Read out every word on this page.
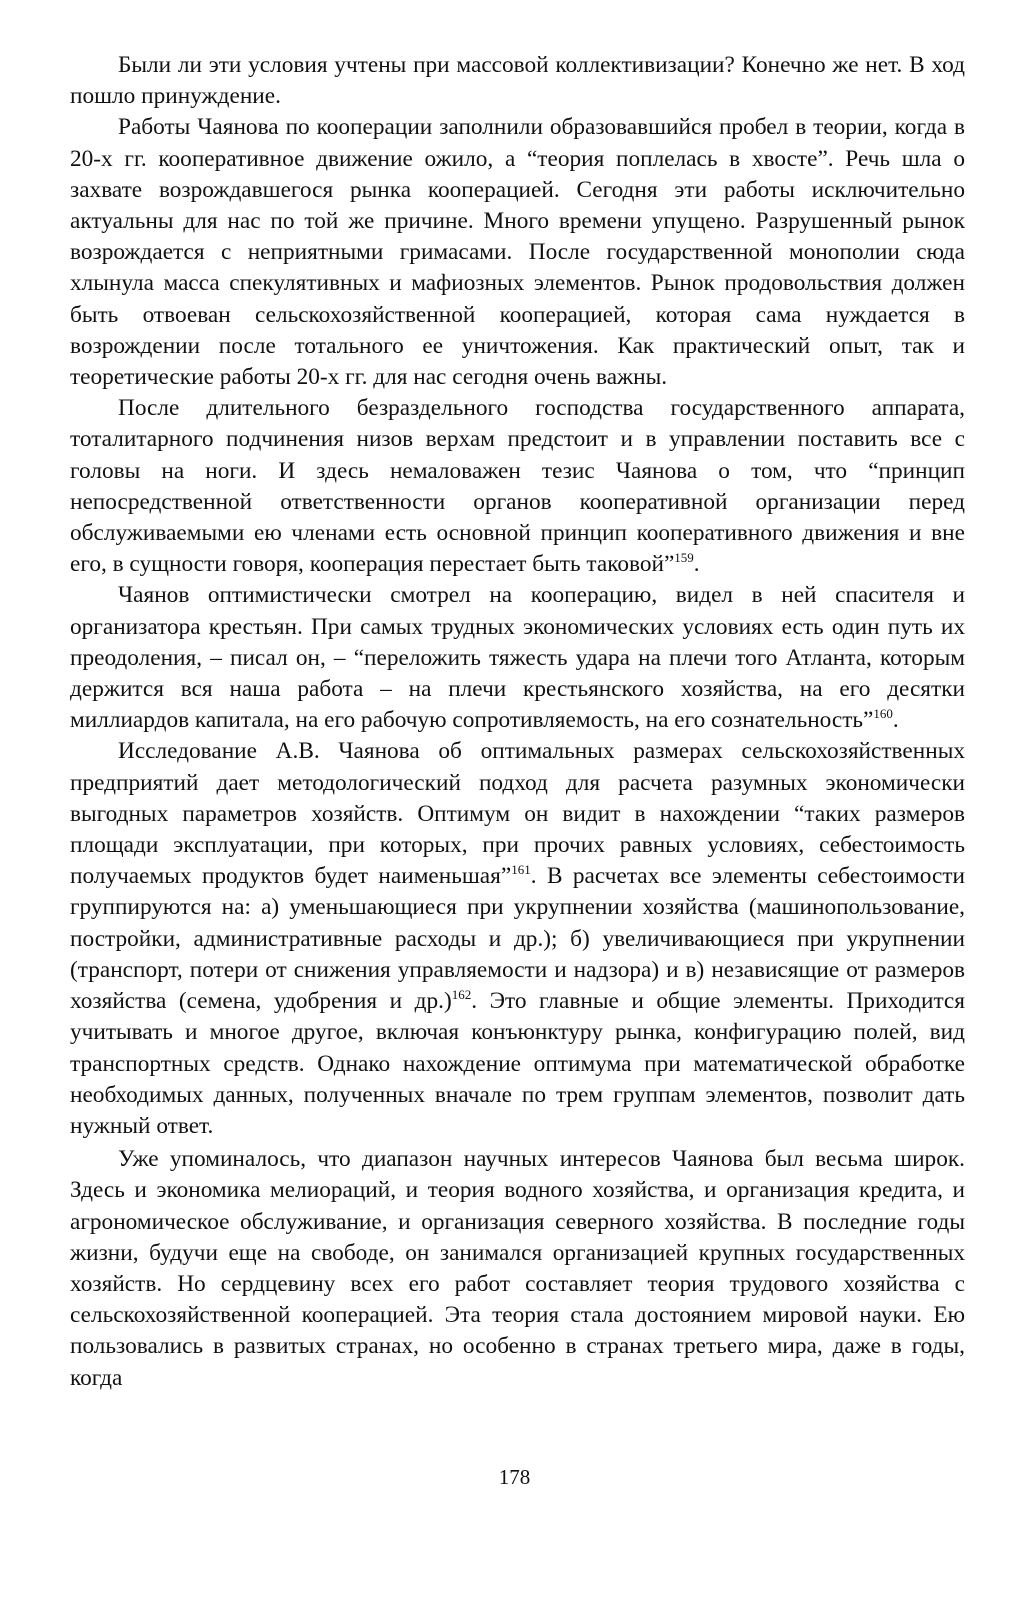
Были ли эти условия учтены при массовой коллективизации? Конечно же нет. В ход пошло принуждение.

Работы Чаянова по кооперации заполнили образовавшийся пробел в теории, когда в 20-х гг. кооперативное движение ожило, а “теория поплелась в хвосте”. Речь шла о захвате возрождавшегося рынка кооперацией. Сегодня эти работы исключительно актуальны для нас по той же причине. Много времени упущено. Разрушенный рынок возрождается с неприятными гримасами. После государственной монополии сюда хлынула масса спекулятивных и мафиозных элементов. Рынок продовольствия должен быть отвоеван сельскохозяйственной кооперацией, которая сама нуждается в возрождении после тотального ее уничтожения. Как практический опыт, так и теоретические работы 20-х гг. для нас сегодня очень важны.

После длительного безраздельного господства государственного аппарата, тоталитарного подчинения низов верхам предстоит и в управлении поставить все с головы на ноги. И здесь немаловажен тезис Чаянова о том, что “принцип непосредственной ответственности органов кооперативной организации перед обслуживаемыми ею членами есть основной принцип кооперативного движения и вне его, в сущности говоря, кооперация перестает быть таковой”$^{159}$.

Чаянов оптимистически смотрел на кооперацию, видел в ней спасителя и организатора крестьян. При самых трудных экономических условиях есть один путь их преодоления, – писал он, – “переложить тяжесть удара на плечи того Атланта, которым держится вся наша работа – на плечи крестьянского хозяйства, на его десятки миллиардов капитала, на его рабочую сопротивляемость, на его сознательность”$^{160}$.

Исследование А.В. Чаянова об оптимальных размерах сельскохозяйственных предприятий дает методологический подход для расчета разумных экономически выгодных параметров хозяйств. Оптимум он видит в нахождении “таких размеров площади эксплуатации, при которых, при прочих равных условиях, себестоимость получаемых продуктов будет наименьшая”$^{161}$. В расчетах все элементы себестоимости группируются на: а) уменьшающиеся при укрупнении хозяйства (машинопользование, постройки, административные расходы и др.); б) увеличивающиеся при укрупнении (транспорт, потери от снижения управляемости и надзора) и в) независящие от размеров хозяйства (семена, удобрения и др.)$^{162}$. Это главные и общие элементы. Приходится учитывать и многое другое, включая конъюнктуру рынка, конфигурацию полей, вид транспортных средств. Однако нахождение оптимума при математической обработке необходимых данных, полученных вначале по трем группам элементов, позволит дать нужный ответ.

Уже упоминалось, что диапазон научных интересов Чаянова был весьма широк. Здесь и экономика мелиораций, и теория водного хозяйства, и организация кредита, и агрономическое обслуживание, и организация северного хозяйства. В последние годы жизни, будучи еще на свободе, он занимался организацией крупных государственных хозяйств. Но сердцевину всех его работ составляет теория трудового хозяйства с сельскохозяйственной кооперацией. Эта теория стала достоянием мировой науки. Ею пользовались в развитых странах, но особенно в странах третьего мира, даже в годы, когда

178
